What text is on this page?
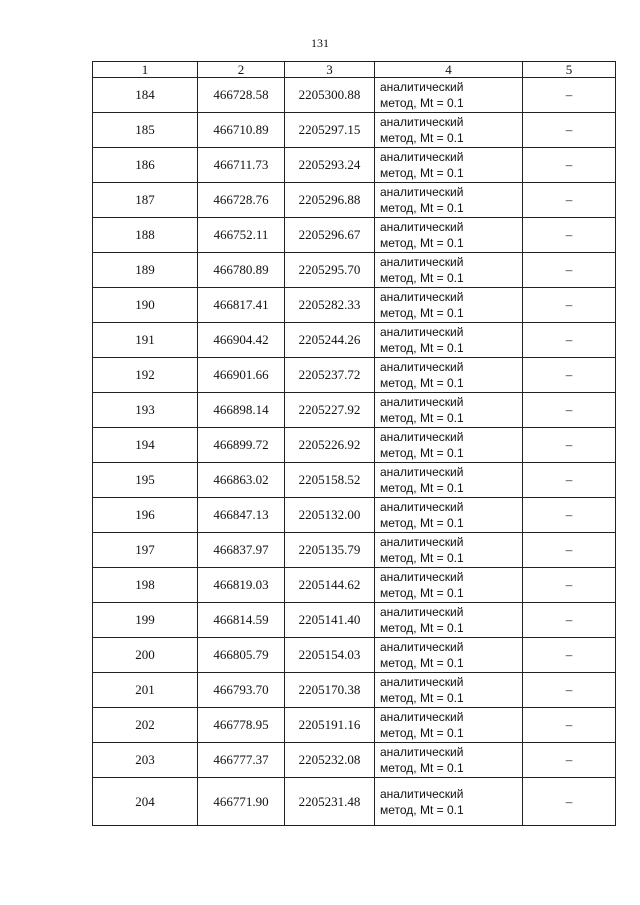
131
1	2	3	4	5
184	466728.58	2205300.88	аналитический
метод, Mt = 0.1	–
185	466710.89	2205297.15	аналитический
метод, Mt = 0.1	–
186	466711.73	2205293.24	аналитический
метод, Mt = 0.1	–
187	466728.76	2205296.88	аналитический
метод, Mt = 0.1	–
188	466752.11	2205296.67	аналитический
метод, Mt = 0.1	–
189	466780.89	2205295.70	аналитический
метод, Mt = 0.1	–
190	466817.41	2205282.33	аналитический
метод, Mt = 0.1	–
191	466904.42	2205244.26	аналитический
метод, Mt = 0.1	–
192	466901.66	2205237.72	аналитический
метод, Mt = 0.1	–
193	466898.14	2205227.92	аналитический
метод, Mt = 0.1	–
194	466899.72	2205226.92	аналитический
метод, Mt = 0.1	–
195	466863.02	2205158.52	аналитический
метод, Mt = 0.1	–
196	466847.13	2205132.00	аналитический
метод, Mt = 0.1	–
197	466837.97	2205135.79	аналитический
метод, Mt = 0.1	–
198	466819.03	2205144.62	аналитический
метод, Mt = 0.1	–
199	466814.59	2205141.40	аналитический
метод, Mt = 0.1	–
200	466805.79	2205154.03	аналитический
метод, Mt = 0.1	–
201	466793.70	2205170.38	аналитический
метод, Mt = 0.1	–
202	466778.95	2205191.16	аналитический
метод, Mt = 0.1	–
203	466777.37	2205232.08	аналитический
метод, Mt = 0.1	–
204	466771.90	2205231.48	аналитический
метод, Mt = 0.1	–
